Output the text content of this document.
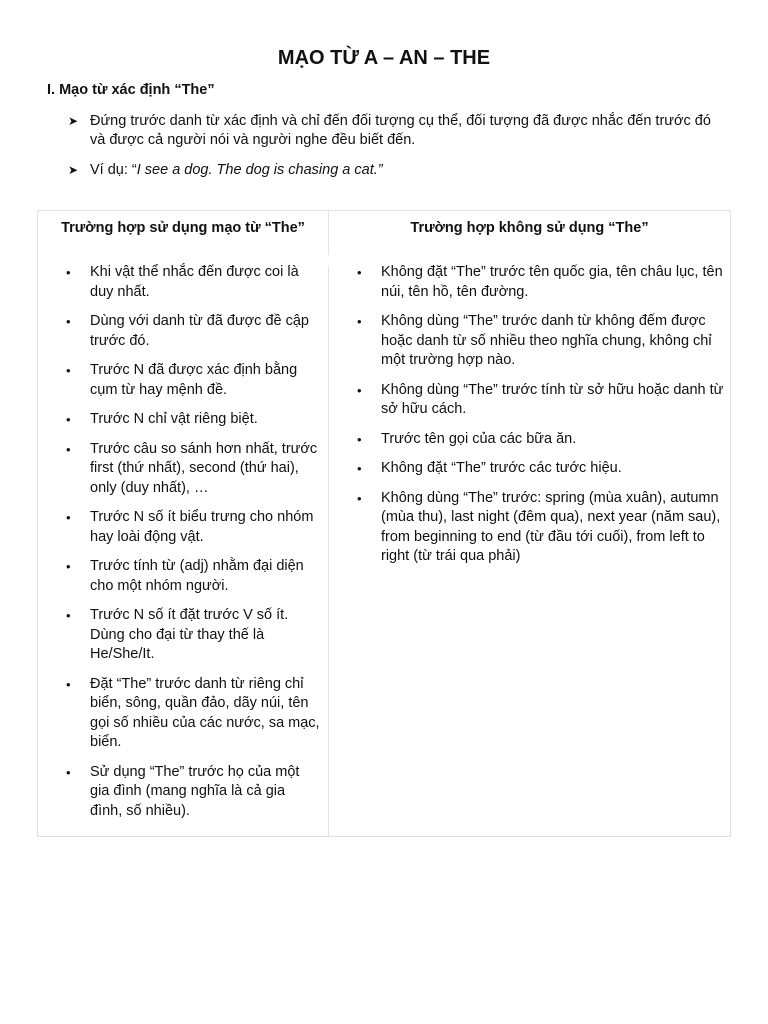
MẠO TỪ A – AN – THE
I. Mạo từ xác định “The”
➤ Đứng trước danh từ xác định và chỉ đến đối tượng cụ thể, đối tượng đã được nhắc đến trước đó và được cả người nói và người nghe đều biết đến.
➤ Ví dụ: “I see a dog. The dog is chasing a cat.”
Trường hợp sử dụng mạo từ “The”	Trường hợp không sử dụng “The”
• Khi vật thể nhắc đến được coi là duy nhất.
• Dùng với danh từ đã được đề cập trước đó.
• Trước N đã được xác định bằng cụm từ hay mệnh đề.
• Trước N chỉ vật riêng biệt.
• Trước câu so sánh hơn nhất, trước first (thứ nhất), second (thứ hai), only (duy nhất), …
• Trước N số ít biểu trưng cho nhóm hay loài động vật.
• Trước tính từ (adj) nhằm đại diện cho một nhóm người.
• Trước N số ít đặt trước V số ít. Dùng cho đại từ thay thế là He/She/It.
• Đặt “The” trước danh từ riêng chỉ biển, sông, quần đảo, dãy núi, tên gọi số nhiều của các nước, sa mạc, biển.
• Sử dụng “The” trước họ của một gia đình (mang nghĩa là cả gia đình, số nhiều).
• Không đặt “The” trước tên quốc gia, tên châu lục, tên núi, tên hồ, tên đường.
• Không dùng “The” trước danh từ không đếm được hoặc danh từ số nhiều theo nghĩa chung, không chỉ một trường hợp nào.
• Không dùng “The” trước tính từ sở hữu hoặc danh từ sở hữu cách.
• Trước tên gọi của các bữa ăn.
• Không đặt “The” trước các tước hiệu.
• Không dùng “The” trước: spring (mùa xuân), autumn (mùa thu), last night (đêm qua), next year (năm sau), from beginning to end (từ đầu tới cuối), from left to right (từ trái qua phải)
